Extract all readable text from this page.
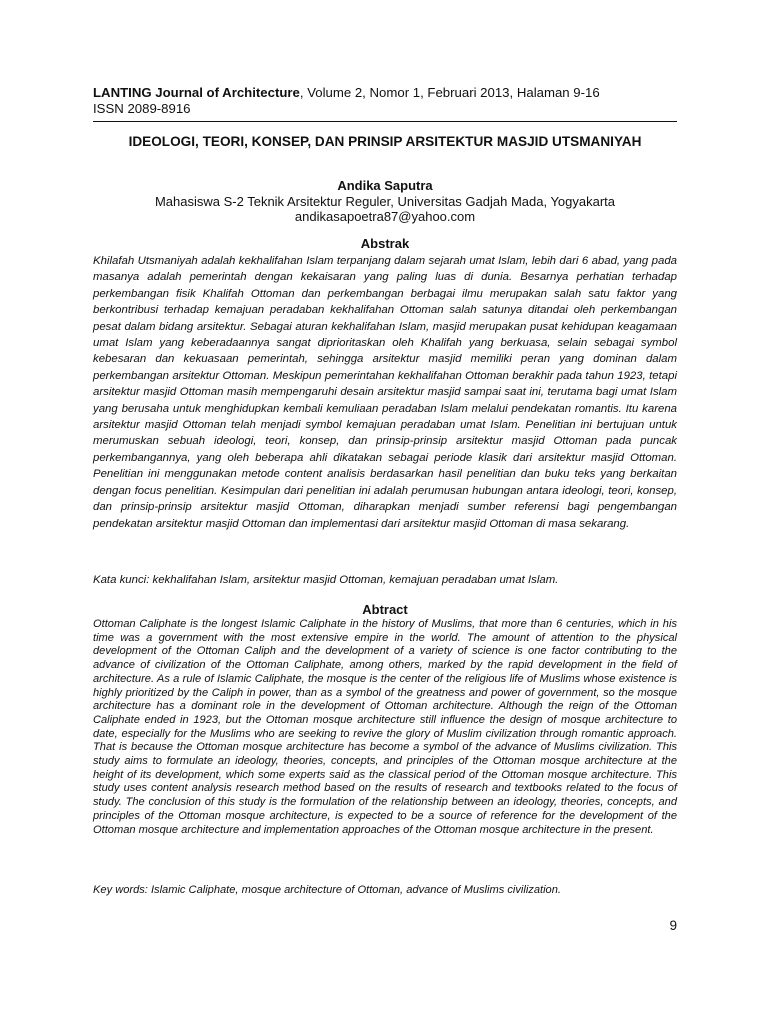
LANTING Journal of Architecture, Volume 2, Nomor 1, Februari 2013, Halaman 9-16
ISSN 2089-8916
IDEOLOGI, TEORI, KONSEP, DAN PRINSIP ARSITEKTUR MASJID UTSMANIYAH
Andika Saputra
Mahasiswa S-2 Teknik Arsitektur Reguler, Universitas Gadjah Mada, Yogyakarta
andikasapoetra87@yahoo.com
Abstrak
Khilafah Utsmaniyah adalah kekhalifahan Islam terpanjang dalam sejarah umat Islam, lebih dari 6 abad, yang pada masanya adalah pemerintah dengan kekaisaran yang paling luas di dunia. Besarnya perhatian terhadap perkembangan fisik Khalifah Ottoman dan perkembangan berbagai ilmu merupakan salah satu faktor yang berkontribusi terhadap kemajuan peradaban kekhalifahan Ottoman salah satunya ditandai oleh perkembangan pesat dalam bidang arsitektur. Sebagai aturan kekhalifahan Islam, masjid merupakan pusat kehidupan keagamaan umat Islam yang keberadaannya sangat diprioritaskan oleh Khalifah yang berkuasa, selain sebagai symbol kebesaran dan kekuasaan pemerintah, sehingga arsitektur masjid memiliki peran yang dominan dalam perkembangan arsitektur Ottoman. Meskipun pemerintahan kekhalifahan Ottoman berakhir pada tahun 1923, tetapi arsitektur masjid Ottoman masih mempengaruhi desain arsitektur masjid sampai saat ini, terutama bagi umat Islam yang berusaha untuk menghidupkan kembali kemuliaan peradaban Islam melalui pendekatan romantis. Itu karena arsitektur masjid Ottoman telah menjadi symbol kemajuan peradaban umat Islam. Penelitian ini bertujuan untuk merumuskan sebuah ideologi, teori, konsep, dan prinsip-prinsip arsitektur masjid Ottoman pada puncak perkembangannya, yang oleh beberapa ahli dikatakan sebagai periode klasik dari arsitektur masjid Ottoman. Penelitian ini menggunakan metode content analisis berdasarkan hasil penelitian dan buku teks yang berkaitan dengan focus penelitian. Kesimpulan dari penelitian ini adalah perumusan hubungan antara ideologi, teori, konsep, dan prinsip-prinsip arsitektur masjid Ottoman, diharapkan menjadi sumber referensi bagi pengembangan pendekatan arsitektur masjid Ottoman dan implementasi dari arsitektur masjid Ottoman di masa sekarang.
Kata kunci: kekhalifahan Islam, arsitektur masjid Ottoman, kemajuan peradaban umat Islam.
Abtract
Ottoman Caliphate is the longest Islamic Caliphate in the history of Muslims, that more than 6 centuries, which in his time was a government with the most extensive empire in the world. The amount of attention to the physical development of the Ottoman Caliph and the development of a variety of science is one factor contributing to the advance of civilization of the Ottoman Caliphate, among others, marked by the rapid development in the field of architecture. As a rule of Islamic Caliphate, the mosque is the center of the religious life of Muslims whose existence is highly prioritized by the Caliph in power, than as a symbol of the greatness and power of government, so the mosque architecture has a dominant role in the development of Ottoman architecture. Although the reign of the Ottoman Caliphate ended in 1923, but the Ottoman mosque architecture still influence the design of mosque architecture to date, especially for the Muslims who are seeking to revive the glory of Muslim civilization through romantic approach. That is because the Ottoman mosque architecture has become a symbol of the advance of Muslims civilization. This study aims to formulate an ideology, theories, concepts, and principles of the Ottoman mosque architecture at the height of its development, which some experts said as the classical period of the Ottoman mosque architecture. This study uses content analysis research method based on the results of research and textbooks related to the focus of study. The conclusion of this study is the formulation of the relationship between an ideology, theories, concepts, and principles of the Ottoman mosque architecture, is expected to be a source of reference for the development of the Ottoman mosque architecture and implementation approaches of the Ottoman mosque architecture in the present.
Key words: Islamic Caliphate, mosque architecture of Ottoman, advance of Muslims civilization.
9
